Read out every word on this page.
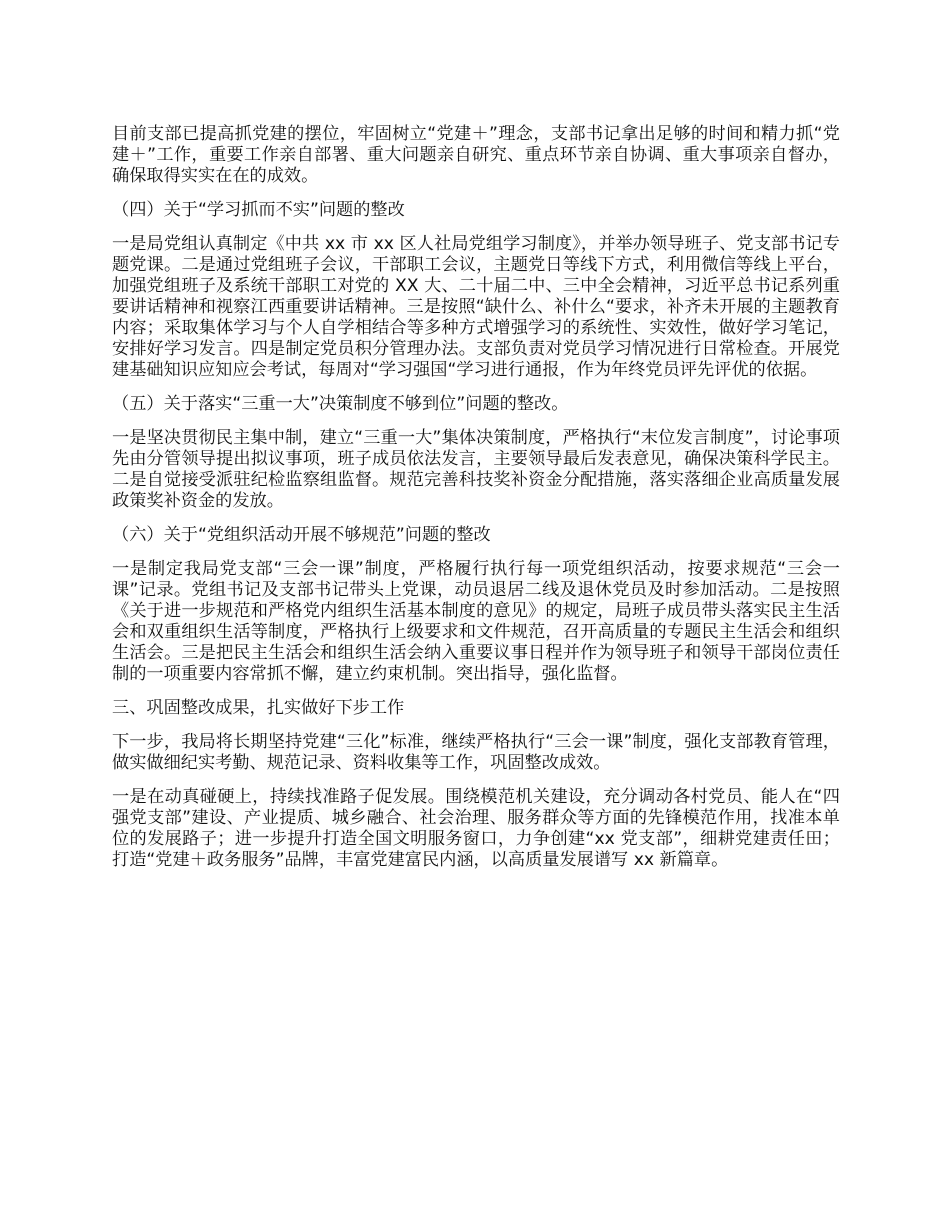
目前支部已提高抓党建的摆位，牢固树立“党建＋”理念，支部书记拿出足够的时间和精力抓“党建＋”工作，重要工作亲自部署、重大问题亲自研究、重点环节亲自协调、重大事项亲自督办，确保取得实实在在的成效。

（四）关于“学习抓而不实”问题的整改

一是局党组认真制定《中共 xx 市 xx 区人社局党组学习制度》，并举办领导班子、党支部书记专题党课。二是通过党组班子会议，干部职工会议，主题党日等线下方式，利用微信等线上平台，加强党组班子及系统干部职工对党的 XX 大、二十届二中、三中全会精神，习近平总书记系列重要讲话精神和视察江西重要讲话精神。三是按照“缺什么、补什么“要求，补齐未开展的主题教育内容；采取集体学习与个人自学相结合等多种方式增强学习的系统性、实效性，做好学习笔记，安排好学习发言。四是制定党员积分管理办法。支部负责对党员学习情况进行日常检查。开展党建基础知识应知应会考试，每周对“学习强国“学习进行通报，作为年终党员评先评优的依据。

（五）关于落实“三重一大”决策制度不够到位”问题的整改。

一是坚决贯彻民主集中制，建立“三重一大”集体决策制度，严格执行“末位发言制度”，讨论事项先由分管领导提出拟议事项，班子成员依法发言，主要领导最后发表意见，确保决策科学民主。二是自觉接受派驻纪检监察组监督。规范完善科技奖补资金分配措施，落实落细企业高质量发展政策奖补资金的发放。

（六）关于“党组织活动开展不够规范”问题的整改

一是制定我局党支部“三会一课”制度，严格履行执行每一项党组织活动，按要求规范“三会一课”记录。党组书记及支部书记带头上党课，动员退居二线及退休党员及时参加活动。二是按照《关于进一步规范和严格党内组织生活基本制度的意见》的规定，局班子成员带头落实民主生活会和双重组织生活等制度，严格执行上级要求和文件规范，召开高质量的专题民主生活会和组织生活会。三是把民主生活会和组织生活会纳入重要议事日程并作为领导班子和领导干部岗位责任制的一项重要内容常抓不懈，建立约束机制。突出指导，强化监督。

三、巩固整改成果，扎实做好下步工作

下一步，我局将长期坚持党建“三化”标准，继续严格执行“三会一课”制度，强化支部教育管理，做实做细纪实考勤、规范记录、资料收集等工作，巩固整改成效。

一是在动真碰硬上，持续找准路子促发展。围绕模范机关建设，充分调动各村党员、能人在“四强党支部”建设、产业提质、城乡融合、社会治理、服务群众等方面的先锋模范作用，找准本单位的发展路子；进一步提升打造全国文明服务窗口，力争创建“xx 党支部”，细耕党建责任田；打造“党建＋政务服务”品牌，丰富党建富民内涵，以高质量发展谱写 xx 新篇章。
